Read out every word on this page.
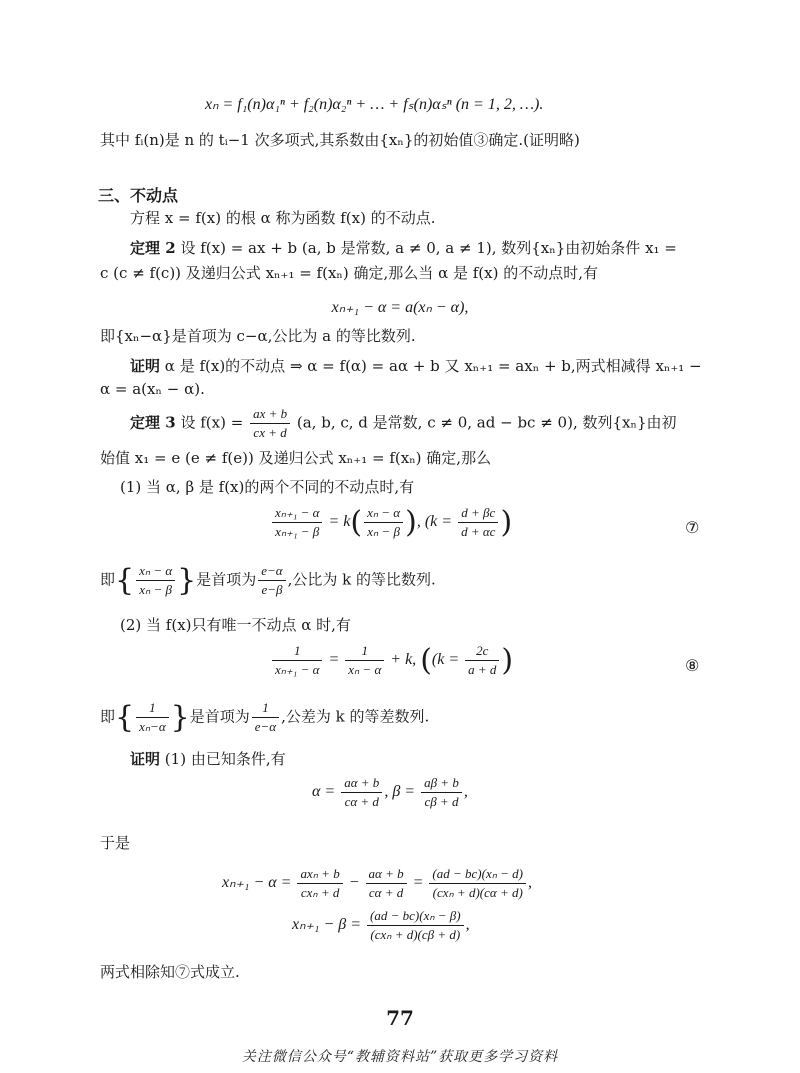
xₙ = f₁(n)α₁ⁿ + f₂(n)α₂ⁿ + … + fₛ(n)αₛⁿ (n = 1, 2, …).
其中 fᵢ(n)是 n 的 tᵢ−1 次多项式,其系数由{xₙ}的初始值③确定.(证明略)
三、不动点
方程 x = f(x) 的根 α 称为函数 f(x) 的不动点.
定理 2 设 f(x) = ax + b (a, b 是常数, a ≠ 0, a ≠ 1), 数列{xₙ}由初始条件 x₁ =
c (c ≠ f(c)) 及递归公式 xₙ₊₁ = f(xₙ) 确定,那么当 α 是 f(x) 的不动点时,有
xₙ₊₁ − α = a(xₙ − α),
即{xₙ−α}是首项为 c−α,公比为 a 的等比数列.
证明 α 是 f(x)的不动点 ⇒ α = f(α) = aα + b 又 xₙ₊₁ = axₙ + b,两式相减得 xₙ₊₁ −
α = a(xₙ − α).
定理 3 设 $f(x) = \frac{ax + b}{cx + d} (a$, b, c, d 是常数, c ≠ 0, ad − bc ≠ 0), 数列{xₙ}由初
始值 x₁ = e (e ≠ f(e)) 及递归公式 xₙ₊₁ = f(xₙ) 确定,那么
(1) 当 α, β 是 f(x)的两个不同的不动点时,有
$\frac{\text{xₙ₊₁ − α}}{\text{xₙ₊₁ − β}} = k( \frac{\text{xₙ − α}}{\text{xₙ − β}}$ ), ($k = \frac{d + \beta c}{d + \alpha c}$ )	⑦
即{ $\frac{\text{xₙ − α}}{\text{xₙ − β}}$ }是首项为 $\frac{e-\alpha}{e-\beta}$ ,公比为 k 的等比数列.
(2) 当 f(x)只有唯一不动点 α 时,有
$\frac{1}{\text{xₙ₊₁ − α}} = \frac{1}{\text{xₙ − α}} + k$, (($k = \frac{2c}{a + d}$ )	⑧
即{ $\frac{1}{\text{xₙ−α}}$ }是首项为 $\frac{1}{e-\alpha}$ ,公差为 k 的等差数列.
证明 (1) 由已知条件,有
$\alpha = \frac{a\alpha + b}{c\alpha + d}$ , $\beta = \frac{a\beta + b}{c\beta + d}$ ,
于是
$x_{n+1} - \alpha = \frac{\text{axₙ + b}}{\text{cxₙ + d}} - \frac{a\alpha + b}{c\alpha + d} = \frac{\text{(ad − bc)(xₙ − d)}}{\text{(cxₙ + d)(cα + d)}}$ ,
$x_{n+1} - \beta = \frac{\text{(ad − bc)(xₙ − β)}}{\text{(cxₙ + d)(cβ + d)}}$ ,
两式相除知⑦式成立.
77
关注微信公众号“教辅资料站”获取更多学习资料
